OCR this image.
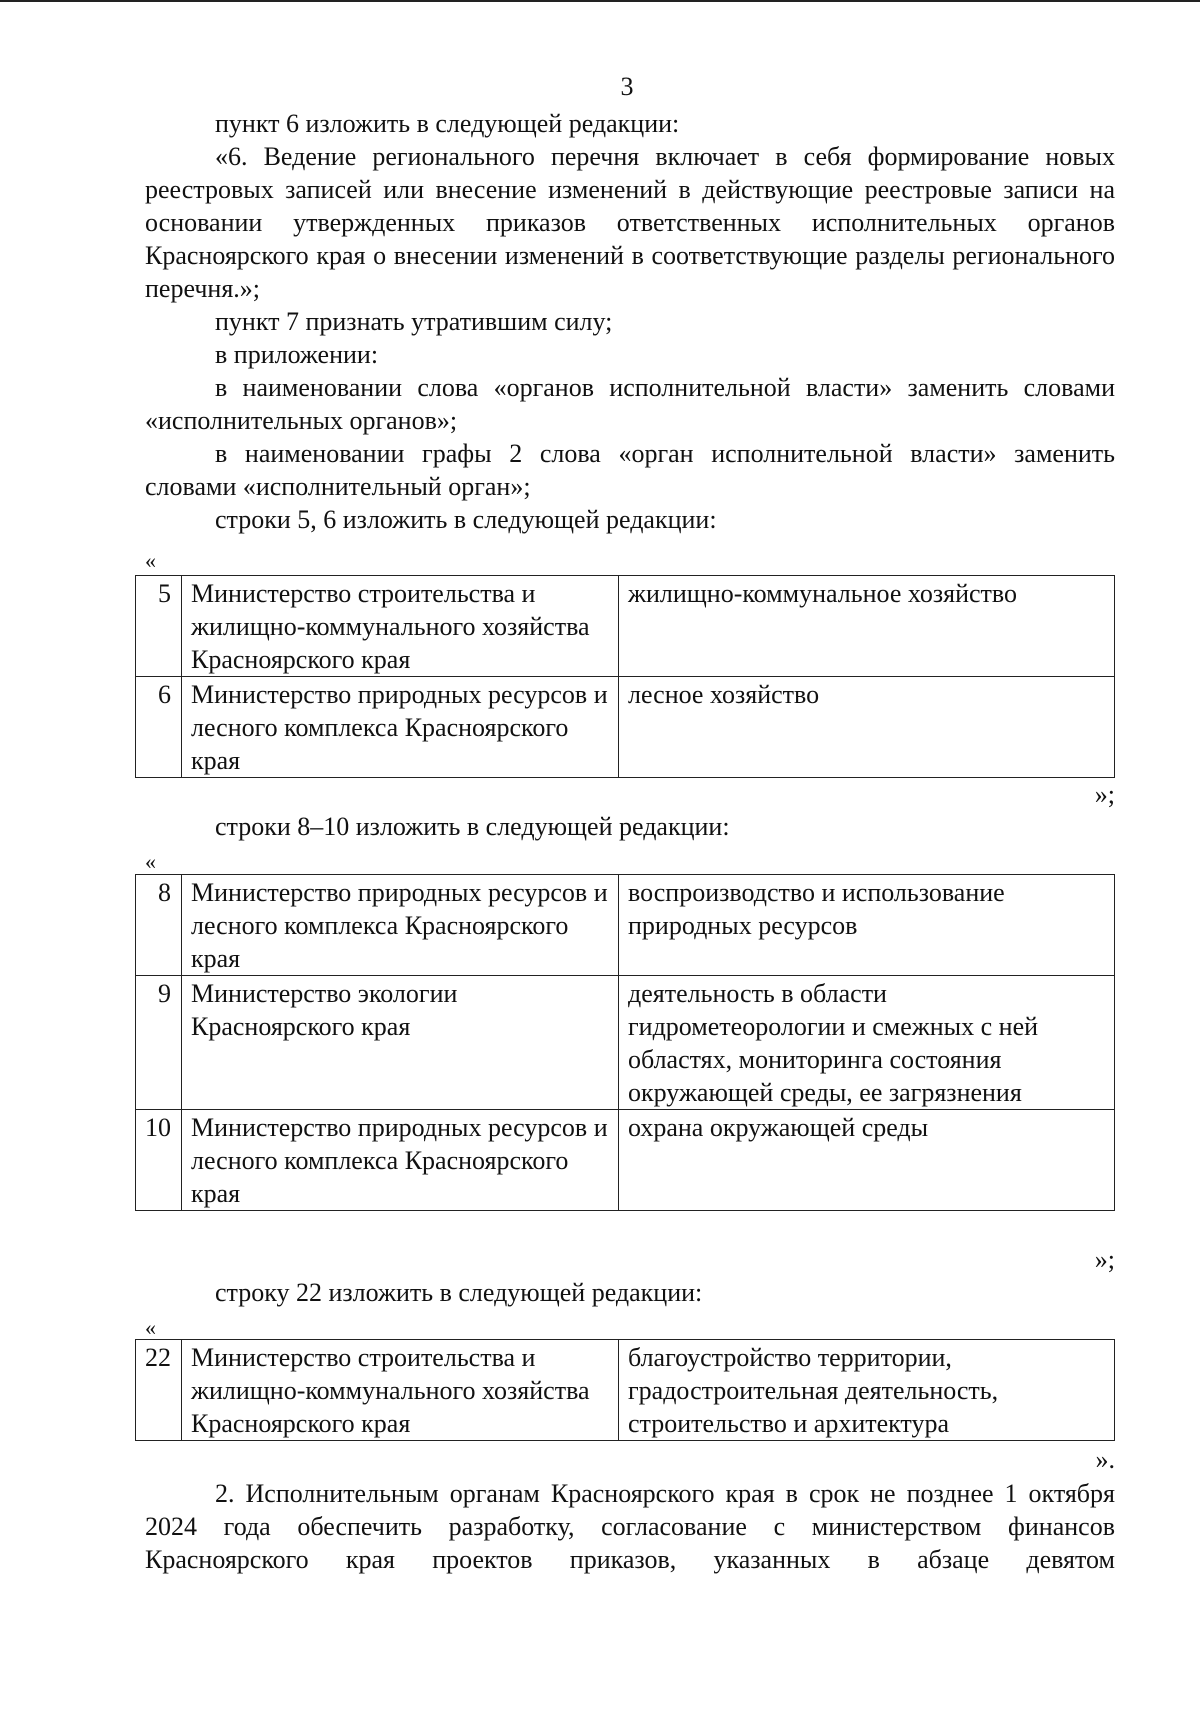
3

пункт 6 изложить в следующей редакции:

«6. Ведение регионального перечня включает в себя формирование новых реестровых записей или внесение изменений в действующие реестровые записи на основании утвержденных приказов ответственных исполнительных органов Красноярского края о внесении изменений в соответствующие разделы регионального перечня.»;

пункт 7 признать утратившим силу;

в приложении:

в наименовании слова «органов исполнительной власти» заменить словами «исполнительных органов»;

в наименовании графы 2 слова «орган исполнительной власти» заменить словами «исполнительный орган»;

строки 5, 6 изложить в следующей редакции:

«
5	Министерство строительства и жилищно-коммунального хозяйства Красноярского края	жилищно-коммунальное хозяйство
6	Министерство природных ресурсов и лесного комплекса Красноярского края	лесное хозяйство
»;

строки 8–10 изложить в следующей редакции:

«
8	Министерство природных ресурсов и лесного комплекса Красноярского края	воспроизводство и использование природных ресурсов
9	Министерство экологии Красноярского края	деятельность в области гидрометеорологии и смежных с ней областях, мониторинга состояния окружающей среды, ее загрязнения
10	Министерство природных ресурсов и лесного комплекса Красноярского края	охрана окружающей среды
»;

строку 22 изложить в следующей редакции:

«
22	Министерство строительства и жилищно-коммунального хозяйства Красноярского края	благоустройство территории, градостроительная деятельность, строительство и архитектура
».

2. Исполнительным органам Красноярского края в срок не позднее 1 октября 2024 года обеспечить разработку, согласование с министерством финансов Красноярского края проектов приказов, указанных в абзаце девятом
